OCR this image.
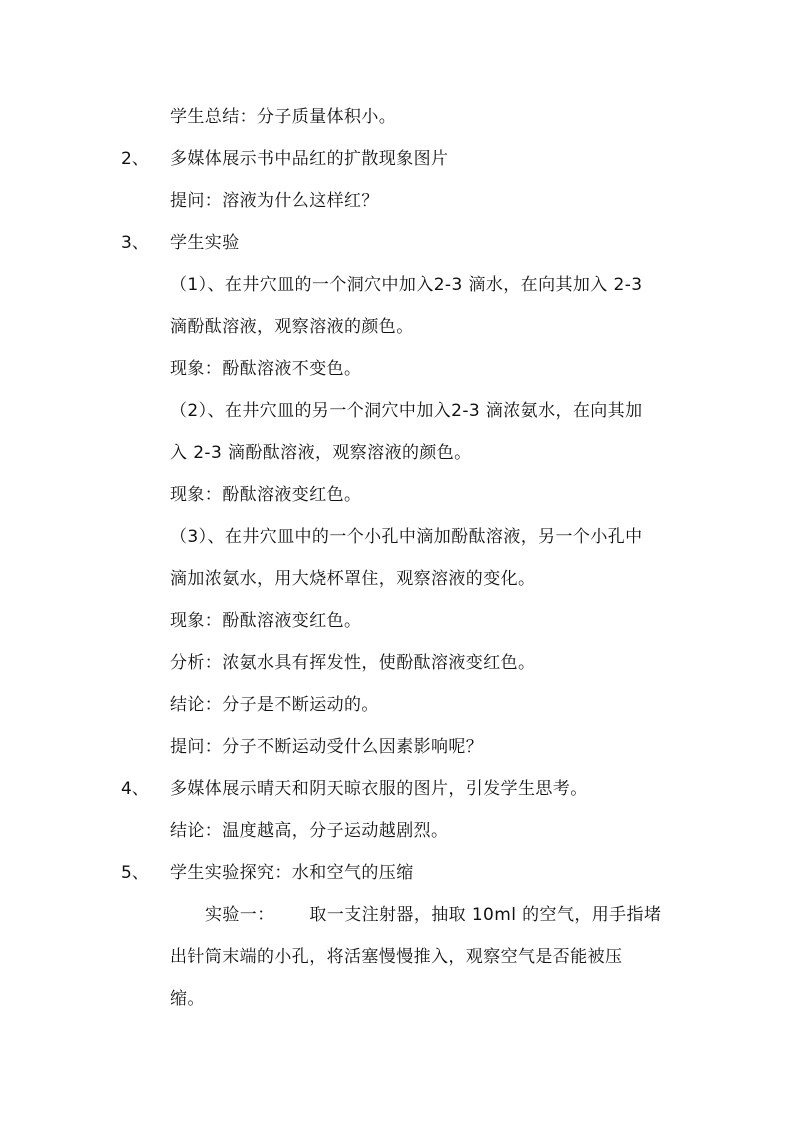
学生总结：分子质量体积小。
2、 多媒体展示书中品红的扩散现象图片
提问：溶液为什么这样红？
3、 学生实验
（1）、在井穴皿的一个洞穴中加入2-3 滴水，在向其加入 2-3
滴酚酞溶液，观察溶液的颜色。
现象：酚酞溶液不变色。
（2）、在井穴皿的另一个洞穴中加入2-3 滴浓氨水，在向其加
入 2-3 滴酚酞溶液，观察溶液的颜色。
现象：酚酞溶液变红色。
（3）、在井穴皿中的一个小孔中滴加酚酞溶液，另一个小孔中
滴加浓氨水，用大烧杯罩住，观察溶液的变化。
现象：酚酞溶液变红色。
分析：浓氨水具有挥发性，使酚酞溶液变红色。
结论：分子是不断运动的。
提问：分子不断运动受什么因素影响呢？
4、 多媒体展示晴天和阴天晾衣服的图片，引发学生思考。
结论：温度越高，分子运动越剧烈。
5、 学生实验探究：水和空气的压缩
实验一：      取一支注射器，抽取 10ml 的空气，用手指堵
出针筒末端的小孔，将活塞慢慢推入，观察空气是否能被压
缩。
